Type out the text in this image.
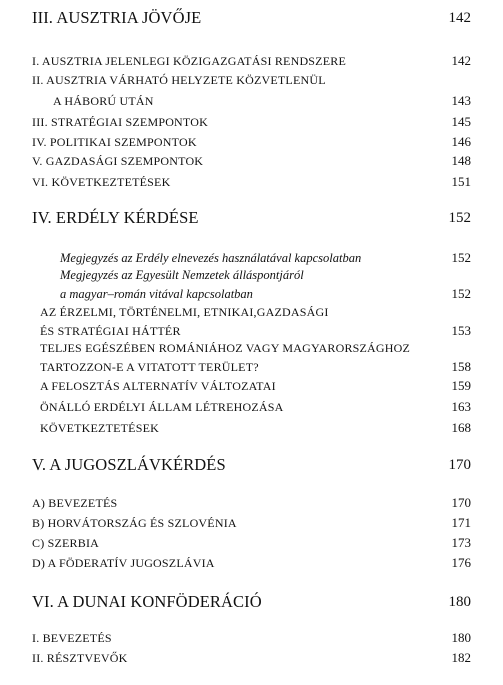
III. AUSZTRIA JÖVŐJE	142
I. AUSZTRIA JELENLEGI KÖZIGAZGATÁSI RENDSZERE	142
II. AUSZTRIA VÁRHATÓ HELYZETE KÖZVETLENÜL
A HÁBORÚ UTÁN	143
III. STRATÉGIAI SZEMPONTOK	145
IV. POLITIKAI SZEMPONTOK	146
V. GAZDASÁGI SZEMPONTOK	148
VI. KÖVETKEZTETÉSEK	151
IV. ERDÉLY KÉRDÉSE	152
Megjegyzés az Erdély elnevezés használatával kapcsolatban	152
Megjegyzés az Egyesült Nemzetek álláspontjáról
a magyar–román vitával kapcsolatban	152
AZ ÉRZELMI, TÖRTÉNELMI, ETNIKAI,GAZDASÁGI
ÉS STRATÉGIAI HÁTTÉR	153
TELJES EGÉSZÉBEN ROMÁNIÁHOZ VAGY MAGYARORSZÁGHOZ
TARTOZZON-E A VITATOTT TERÜLET?	158
A FELOSZTÁS ALTERNATÍV VÁLTOZATAI	159
ÖNÁLLÓ ERDÉLYI ÁLLAM LÉTREHOZÁSA	163
KÖVETKEZTETÉSEK	168
V. A JUGOSZLÁVKÉRDÉS	170
A) BEVEZETÉS	170
B) HORVÁTORSZÁG ÉS SZLOVÉNIA	171
C) SZERBIA	173
D) A FÖDERATÍV JUGOSZLÁVIA	176
VI. A DUNAI KONFÖDERÁCIÓ	180
I. BEVEZETÉS	180
II. RÉSZTVEVŐK	182
